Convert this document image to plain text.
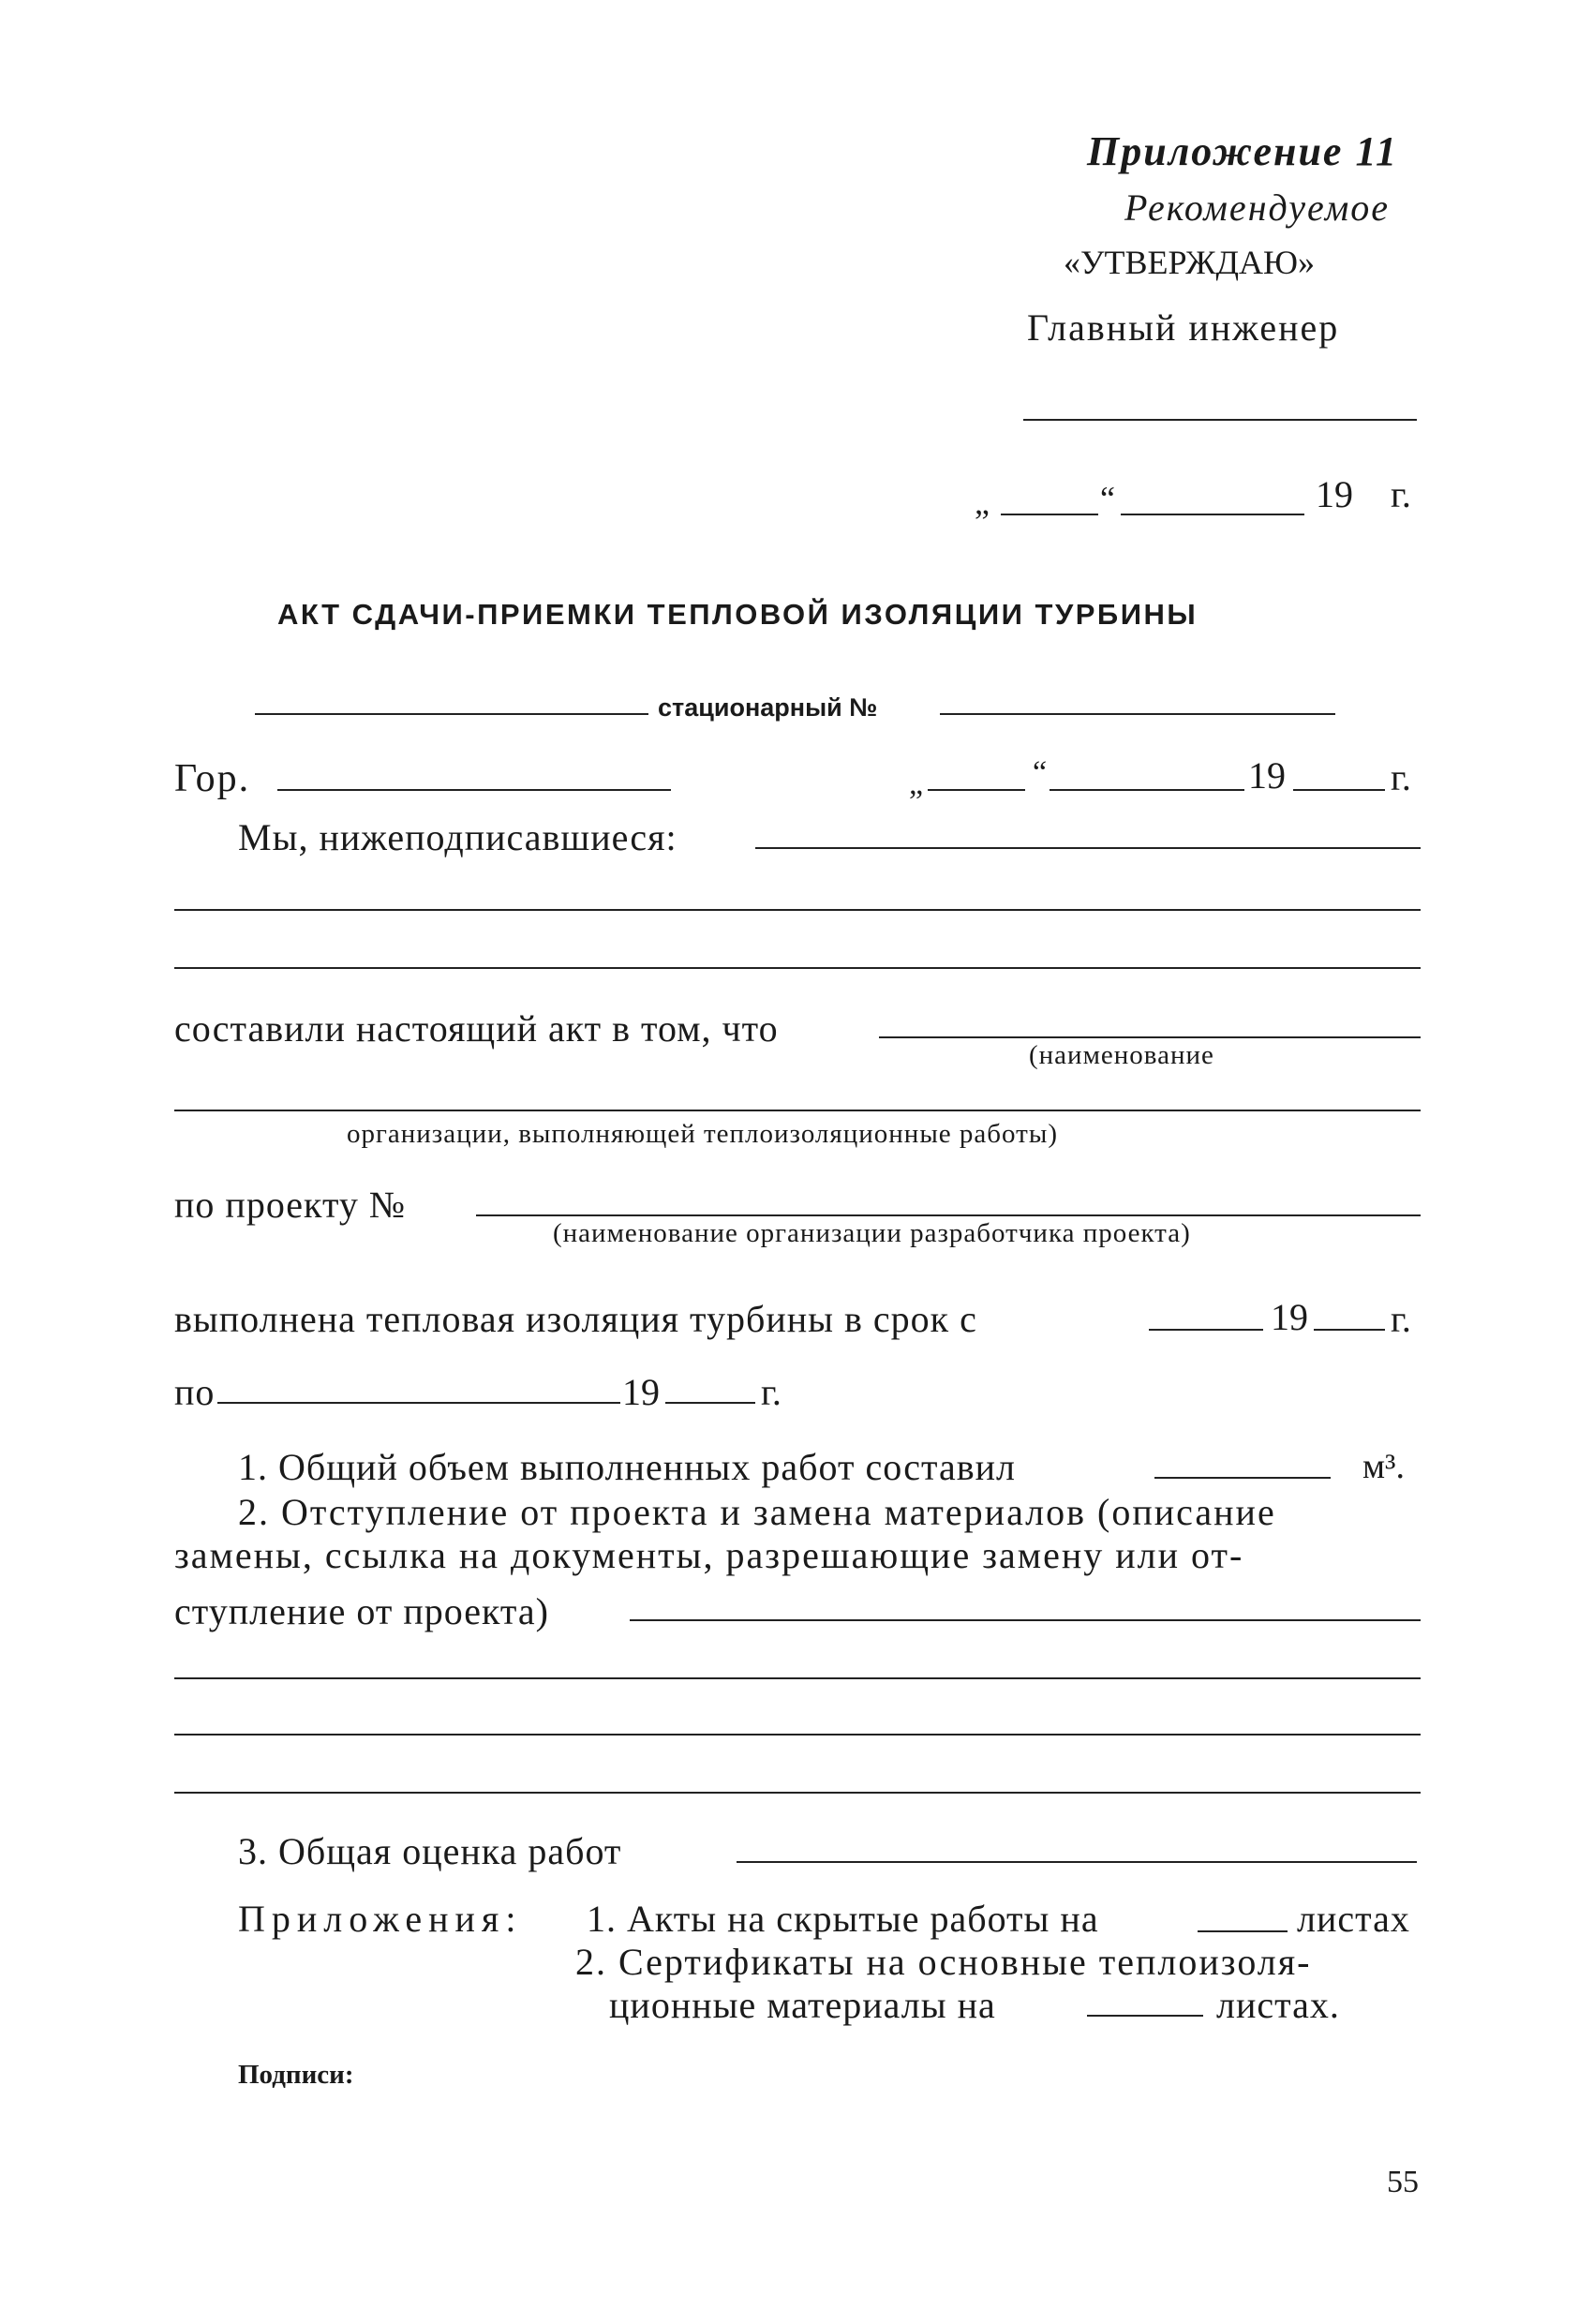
Приложение 11
Рекомендуемое
«УТВЕРЖДАЮ»
Главный инженер
„	“	19 г.
АКТ СДАЧИ-ПРИЕМКИ ТЕПЛОВОЙ ИЗОЛЯЦИИ ТУРБИНЫ
стационарный №
Гор.	„	“	19	г.
Мы, нижеподписавшиеся:
составили настоящий акт в том, что
(наименование
организации, выполняющей теплоизоляционные работы)
по проекту №
(наименование организации разработчика проекта)
выполнена тепловая изоляция турбины в срок с	19 г.
по	19	г.
1. Общий объем выполненных работ составил	м³.
2. Отступление от проекта и замена материалов (описание
замены, ссылка на документы, разрешающие замену или от-
ступление от проекта)
3. Общая оценка работ
Приложения: 1. Акты на скрытые работы на	листах
2. Сертификаты на основные теплоизоля-
ционные материалы на	листах.
Подписи:
55
